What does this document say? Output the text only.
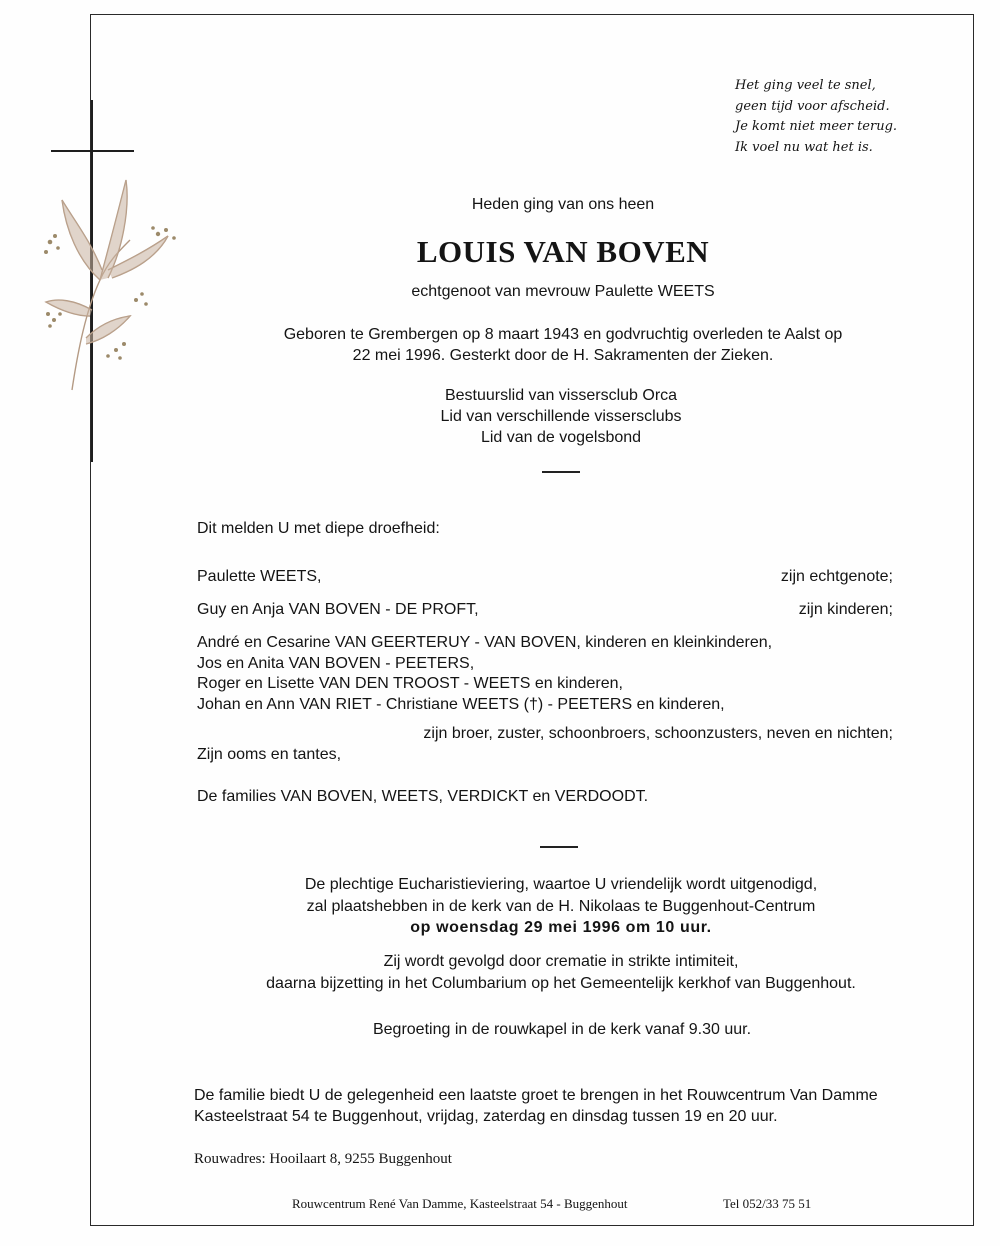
Het ging veel te snel,
geen tijd voor afscheid.
Je komt niet meer terug.
Ik voel nu wat het is.
Heden ging van ons heen
LOUIS VAN BOVEN
echtgenoot van mevrouw Paulette WEETS
Geboren te Grembergen op 8 maart 1943 en godvruchtig overleden te Aalst op
22 mei 1996. Gesterkt door de H. Sakramenten der Zieken.
Bestuurslid van vissersclub Orca
Lid van verschillende vissersclubs
Lid van de vogelsbond
Dit melden U met diepe droefheid:
Paulette WEETS,	zijn echtgenote;
Guy en Anja VAN BOVEN - DE PROFT,	zijn kinderen;
André en Cesarine VAN GEERTERUY - VAN BOVEN, kinderen en kleinkinderen,
Jos en Anita VAN BOVEN - PEETERS,
Roger en Lisette VAN DEN TROOST - WEETS en kinderen,
Johan en Ann VAN RIET - Christiane WEETS (†) - PEETERS en kinderen,
zijn broer, zuster, schoonbroers, schoonzusters, neven en nichten;
Zijn ooms en tantes,
De families VAN BOVEN, WEETS, VERDICKT en VERDOODT.
De plechtige Eucharistieviering, waartoe U vriendelijk wordt uitgenodigd,
zal plaatshebben in de kerk van de H. Nikolaas te Buggenhout-Centrum
op woensdag 29 mei 1996 om 10 uur.
Zij wordt gevolgd door crematie in strikte intimiteit,
daarna bijzetting in het Columbarium op het Gemeentelijk kerkhof van Buggenhout.
Begroeting in de rouwkapel in de kerk vanaf 9.30 uur.
De familie biedt U de gelegenheid een laatste groet te brengen in het Rouwcentrum Van Damme
Kasteelstraat 54 te Buggenhout, vrijdag, zaterdag en dinsdag tussen 19 en 20 uur.
Rouwadres: Hooilaart 8, 9255 Buggenhout
Rouwcentrum René Van Damme, Kasteelstraat 54 - Buggenhout	Tel 052/33 75 51
